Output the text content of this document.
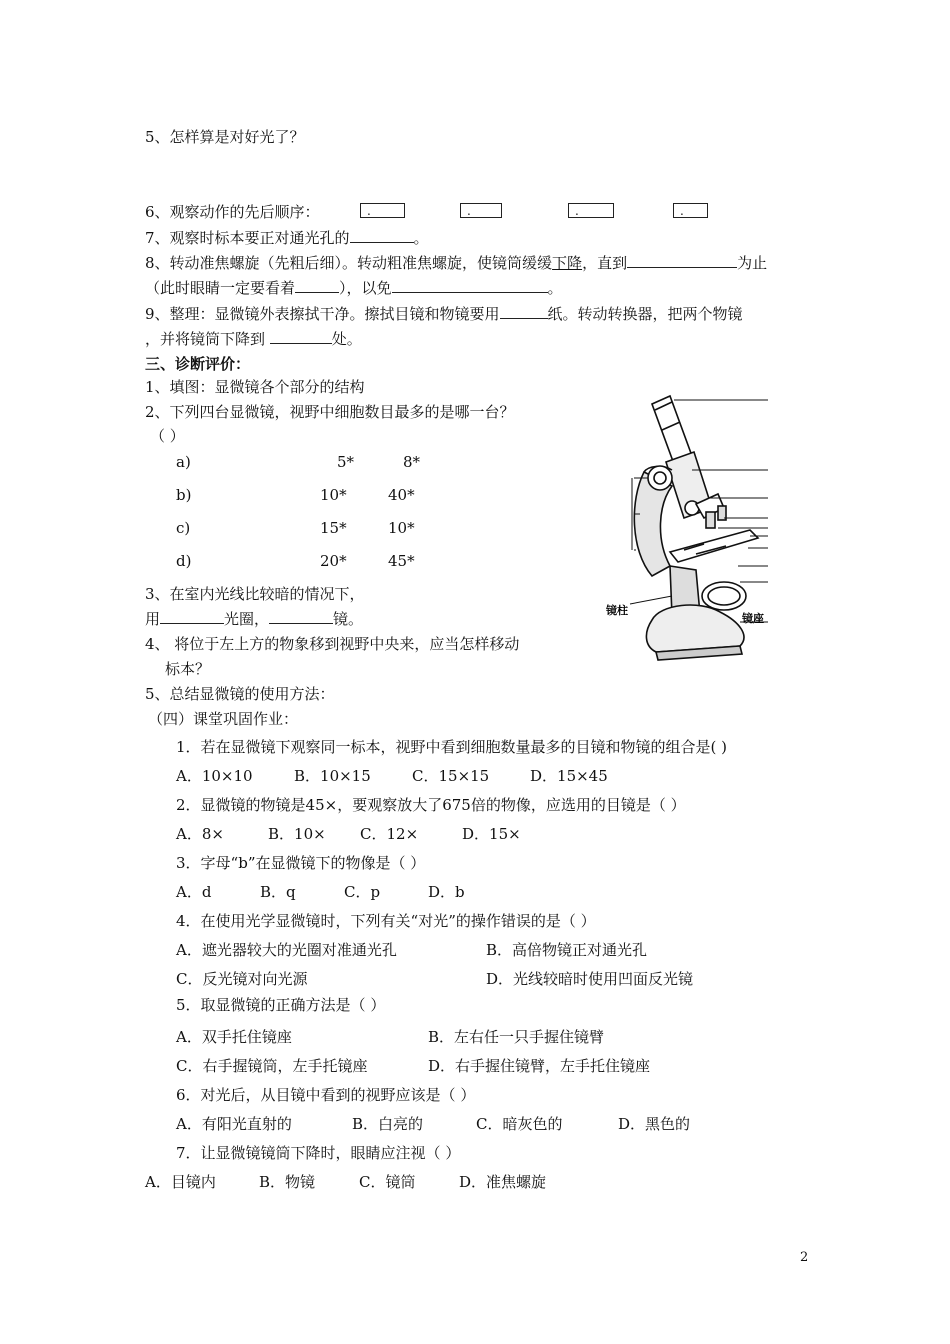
5、怎样算是对好光了？
6、观察动作的先后顺序：	.	.	.	.
7、观察时标本要正对通光孔的	。
8、转动准焦螺旋（先粗后细）。转动粗准焦螺旋，使镜筒缓缓下降，直到	为止
（此时眼睛一定要看着	），以免	。
9、整理：显微镜外表擦拭干净。擦拭目镜和物镜要用	纸。转动转换器，把两个物镜
，并将镜筒下降到	处。
三、诊断评价：
1、填图：显微镜各个部分的结构
2、下列四台显微镜，视野中细胞数目最多的是哪一台？
（ ）
a)	5*	8*
b)	10*	40*
c)	15*	10*
d)	20*	45*
3、在室内光线比较暗的情况下，
用	光圈，	镜。
4、 将位于左上方的物象移到视野中央来，应当怎样移动
标本？
5、总结显微镜的使用方法：
镜柱
镜座
（四）课堂巩固作业：
1．若在显微镜下观察同一标本，视野中看到细胞数量最多的目镜和物镜的组合是( )
A．10×10	B．10×15	C．15×15	D．15×45
2．显微镜的物镜是45×，要观察放大了675倍的物像，应选用的目镜是（ ）
A．8×	B．10× C．12×	D．15×
3．字母“b”在显微镜下的物像是（ ）
A．d	B．q	C．p	D．b
4．在使用光学显微镜时，下列有关“对光”的操作错误的是（ ）
A．遮光器较大的光圈对准通光孔	B．高倍物镜正对通光孔
C．反光镜对向光源	D．光线较暗时使用凹面反光镜
5．取显微镜的正确方法是（ ）
A．双手托住镜座	B．左右任一只手握住镜臂
C．右手握镜筒，左手托镜座	D．右手握住镜臂，左手托住镜座
6．对光后，从目镜中看到的视野应该是（ ）
A．有阳光直射的	B．白亮的	C．暗灰色的	D．黑色的
7．让显微镜镜筒下降时，眼睛应注视（ ）
A．目镜内	B．物镜	C．镜筒	D．准焦螺旋
2
